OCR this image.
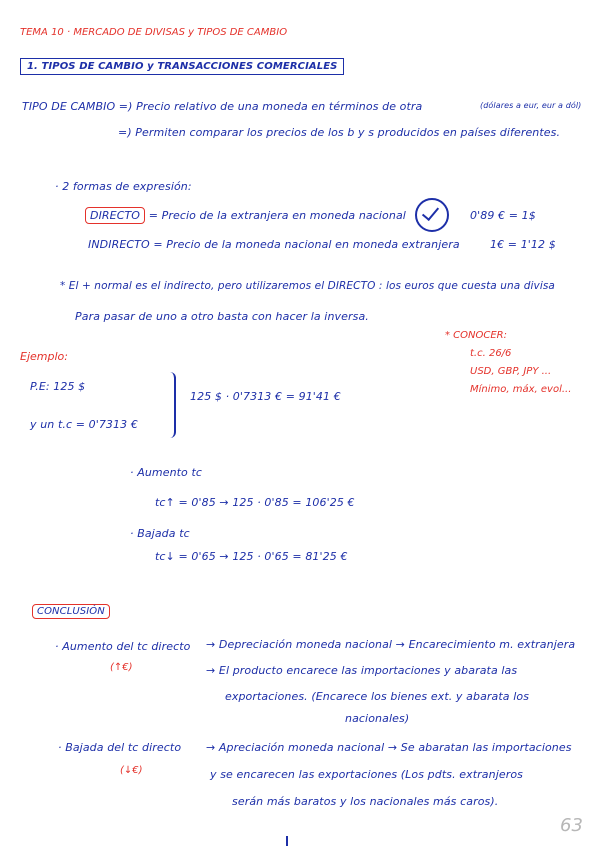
TEMA 10 · MERCADO DE DIVISAS y TIPOS DE CAMBIO
1. TIPOS DE CAMBIO y TRANSACCIONES COMERCIALES
TIPO DE CAMBIO =) Precio relativo de una moneda en términos de otra	(dólares a eur, eur a dól)
=) Permiten comparar los precios de los b y s producidos en países diferentes.
· 2 formas de expresión:
DIRECTO = Precio de la extranjera en moneda nacional	0'89 € = 1$
INDIRECTO = Precio de la moneda nacional en moneda extranjera	1€ = 1'12 $
* El + normal es el indirecto, pero utilizaremos el DIRECTO : los euros que cuesta una divisa
Para pasar de uno a otro basta con hacer la inversa.
* CONOCER:
t.c. 26/6
USD, GBP, JPY ...
Mínimo, máx, evol...
Ejemplo:
P.E: 125 $
y un t.c = 0'7313 €
125 $ · 0'7313 € = 91'41 €
· Aumento tc
tc↑ = 0'85 → 125 · 0'85 = 106'25 €
· Bajada tc
tc↓ = 0'65 → 125 · 0'65 = 81'25 €
CONCLUSIÓN
· Aumento del tc directo
(↑€)
→ Depreciación moneda nacional → Encarecimiento m. extranjera
→ El producto encarece las importaciones y abarata las
exportaciones. (Encarece los bienes ext. y abarata los
nacionales)
· Bajada del tc directo
(↓€)
→ Apreciación moneda nacional → Se abaratan las importaciones
y se encarecen las exportaciones (Los pdts. extranjeros
serán más baratos y los nacionales más caros).
63
